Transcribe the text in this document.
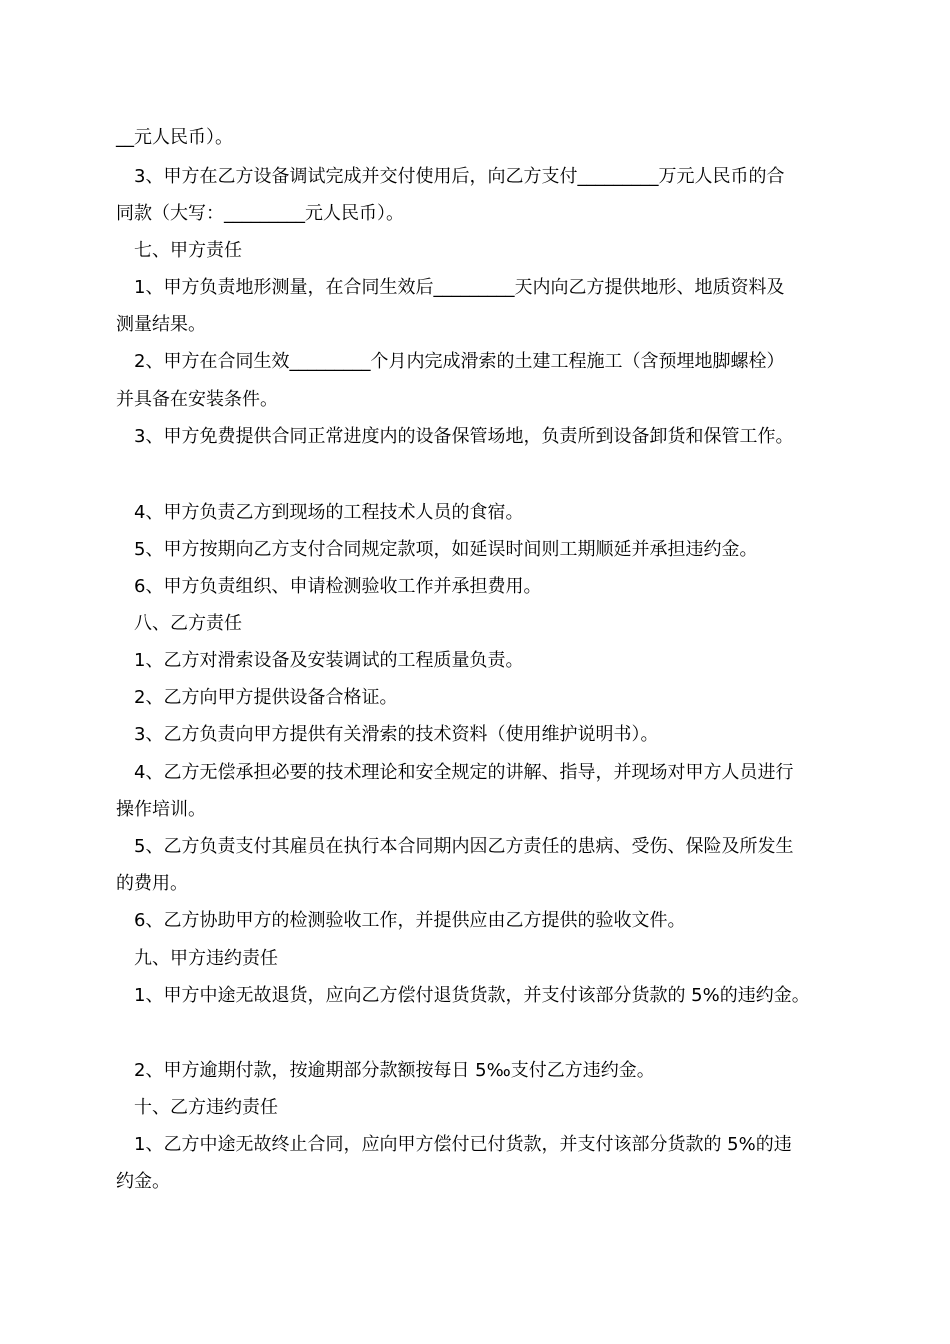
__元人民币）。
3、甲方在乙方设备调试完成并交付使用后，向乙方支付_________万元人民币的合
同款（大写：_________元人民币）。
七、甲方责任
1、甲方负责地形测量，在合同生效后_________天内向乙方提供地形、地质资料及
测量结果。
2、甲方在合同生效_________个月内完成滑索的土建工程施工（含预埋地脚螺栓）
并具备在安装条件。
3、甲方免费提供合同正常进度内的设备保管场地，负责所到设备卸货和保管工作。
4、甲方负责乙方到现场的工程技术人员的食宿。
5、甲方按期向乙方支付合同规定款项，如延误时间则工期顺延并承担违约金。
6、甲方负责组织、申请检测验收工作并承担费用。
八、乙方责任
1、乙方对滑索设备及安装调试的工程质量负责。
2、乙方向甲方提供设备合格证。
3、乙方负责向甲方提供有关滑索的技术资料（使用维护说明书）。
4、乙方无偿承担必要的技术理论和安全规定的讲解、指导，并现场对甲方人员进行
操作培训。
5、乙方负责支付其雇员在执行本合同期内因乙方责任的患病、受伤、保险及所发生
的费用。
6、乙方协助甲方的检测验收工作，并提供应由乙方提供的验收文件。
九、甲方违约责任
1、甲方中途无故退货，应向乙方偿付退货货款，并支付该部分货款的 5%的违约金。
2、甲方逾期付款，按逾期部分款额按每日 5‰支付乙方违约金。
十、乙方违约责任
1、乙方中途无故终止合同，应向甲方偿付已付货款，并支付该部分货款的 5%的违
约金。
